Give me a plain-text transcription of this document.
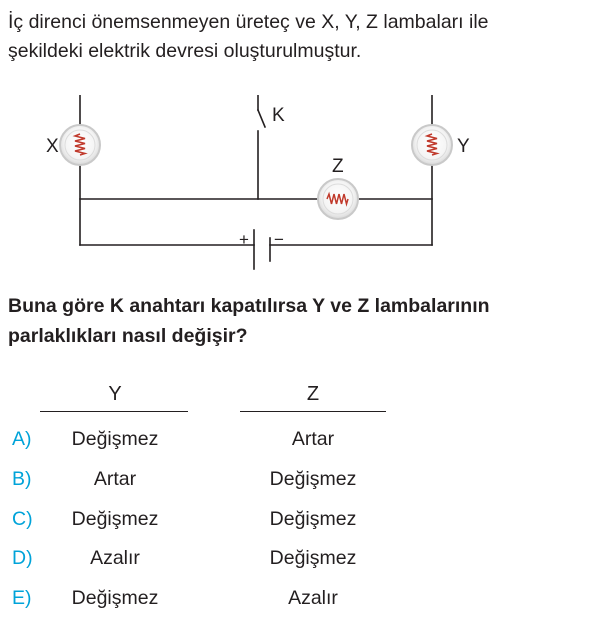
İç direnci önemsenmeyen üreteç ve X, Y, Z lambaları ile
şekildeki elektrik devresi oluşturulmuştur.

X	Y
Z
K
+ −

Buna göre K anahtarı kapatılırsa Y ve Z lambalarının
parlaklıkları nasıl değişir?

Y	Z
A)	Değişmez	Artar
B)	Artar	Değişmez
C)	Değişmez	Değişmez
D)	Azalır	Değişmez
E)	Değişmez	Azalır
